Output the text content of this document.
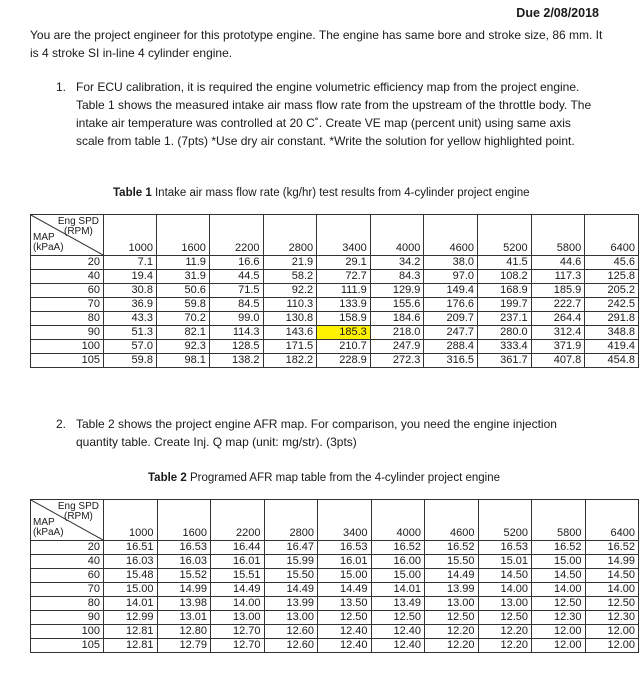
Due 2/08/2018
You are the project engineer for this prototype engine. The engine has same bore and stroke size, 86 mm. It is 4 stroke SI in-line 4 cylinder engine.
1. For ECU calibration, it is required the engine volumetric efficiency map from the project engine. Table 1 shows the measured intake air mass flow rate from the upstream of the throttle body. The intake air temperature was controlled at 20 C˚. Create VE map (percent unit) using same axis scale from table 1. (7pts) *Use dry air constant. *Write the solution for yellow highlighted point.
Table 1 Intake air mass flow rate (kg/hr) test results from 4-cylinder project engine
Eng SPD
(RPM)
MAP
(kPaA)	1000	1600	2200	2800	3400	4000	4600	5200	5800	6400
20	7.1	11.9	16.6	21.9	29.1	34.2	38.0	41.5	44.6	45.6
40	19.4	31.9	44.5	58.2	72.7	84.3	97.0	108.2	117.3	125.8
60	30.8	50.6	71.5	92.2	111.9	129.9	149.4	168.9	185.9	205.2
70	36.9	59.8	84.5	110.3	133.9	155.6	176.6	199.7	222.7	242.5
80	43.3	70.2	99.0	130.8	158.9	184.6	209.7	237.1	264.4	291.8
90	51.3	82.1	114.3	143.6	185.3	218.0	247.7	280.0	312.4	348.8
100	57.0	92.3	128.5	171.5	210.7	247.9	288.4	333.4	371.9	419.4
105	59.8	98.1	138.2	182.2	228.9	272.3	316.5	361.7	407.8	454.8
2. Table 2 shows the project engine AFR map. For comparison, you need the engine injection quantity table. Create Inj. Q map (unit: mg/str). (3pts)
Table 2 Programed AFR map table from the 4-cylinder project engine
Eng SPD
(RPM)
MAP
(kPaA)	1000	1600	2200	2800	3400	4000	4600	5200	5800	6400
20	16.51	16.53	16.44	16.47	16.53	16.52	16.52	16.53	16.52	16.52
40	16.03	16.03	16.01	15.99	16.01	16.00	15.50	15.01	15.00	14.99
60	15.48	15.52	15.51	15.50	15.00	15.00	14.49	14.50	14.50	14.50
70	15.00	14.99	14.49	14.49	14.49	14.01	13.99	14.00	14.00	14.00
80	14.01	13.98	14.00	13.99	13.50	13.49	13.00	13.00	12.50	12.50
90	12.99	13.01	13.00	13.00	12.50	12.50	12.50	12.50	12.30	12.30
100	12.81	12.80	12.70	12.60	12.40	12.40	12.20	12.20	12.00	12.00
105	12.81	12.79	12.70	12.60	12.40	12.40	12.20	12.20	12.00	12.00
